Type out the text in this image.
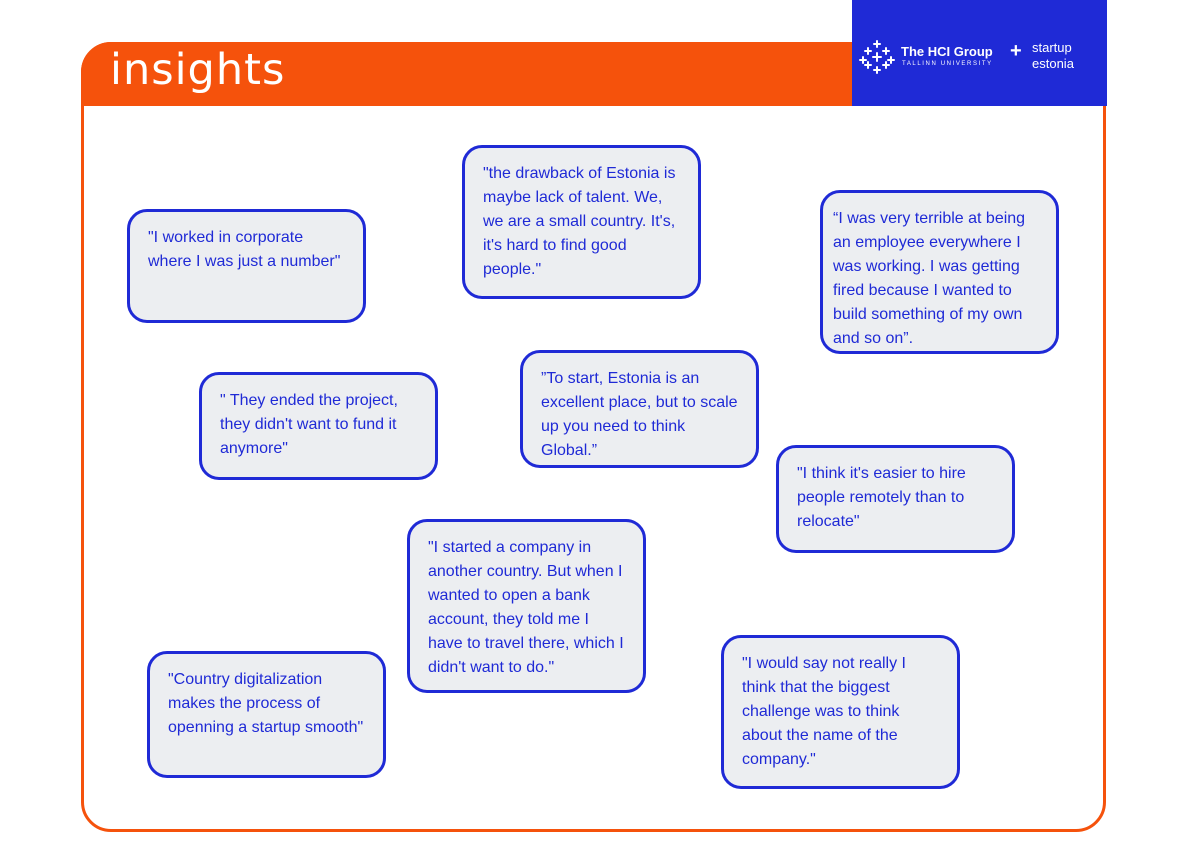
insights	The HCI Group
TALLINN UNIVERSITY
+ startup
estonia
"I worked in corporate where I was just a number"
"the drawback of Estonia is maybe lack of talent. We, we are a small country. It's, it's hard to find good people."
“I was very terrible at being an employee everywhere I was working. I was getting fired because I wanted to build something of my own and so on”.
" They ended the project, they didn't want to fund it anymore"
”To start, Estonia is an excellent place, but to scale up you need to think Global.”
"I think it's easier to hire people remotely than to relocate"
"I started a company in another country. But when I wanted to open a bank account, they told me I have to travel there, which I didn't want to do."
"Country digitalization makes the process of openning a startup smooth"
"I would say not really I think that the biggest challenge was to think about the name of the company."
